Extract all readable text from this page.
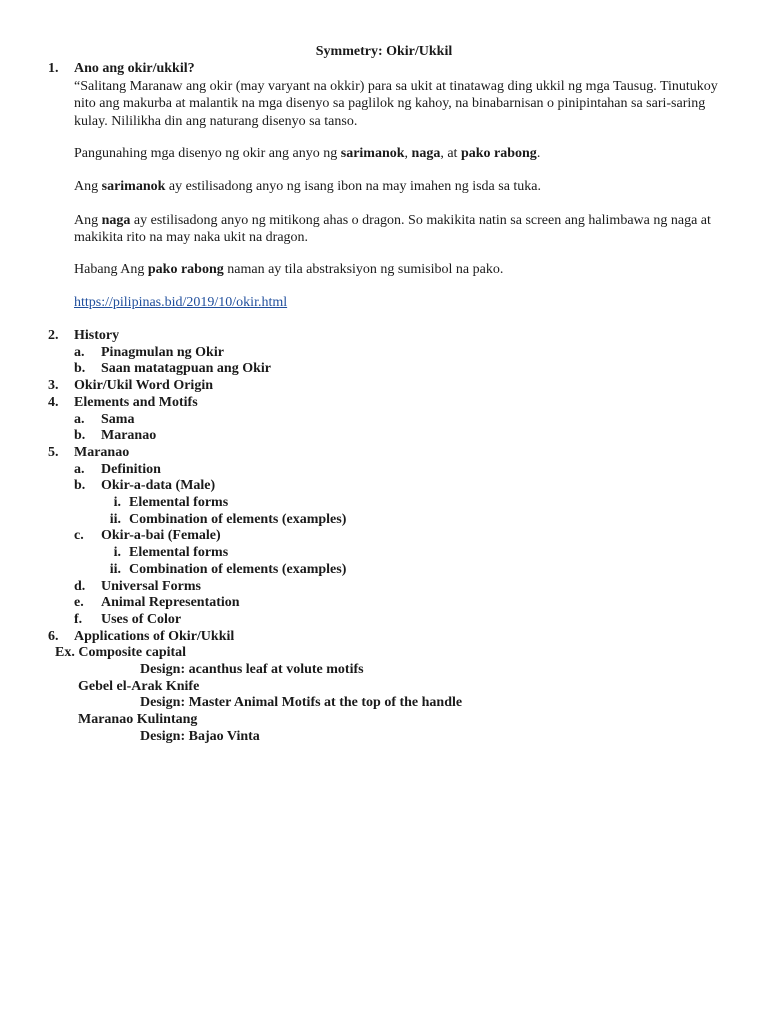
Symmetry: Okir/Ukkil
1. Ano ang okir/ukkil?
“Salitang Maranaw ang okir (may varyant na okkir) para sa ukit at tinatawag ding ukkil ng mga Tausug. Tinutukoy nito ang makurba at malantik na mga disenyo sa paglilok ng kahoy, na binabarnisan o pinipintahan sa sari-saring kulay. Nililikha din ang naturang disenyo sa tanso.
Pangunahing mga disenyo ng okir ang anyo ng sarimanok, naga, at pako rabong.
Ang sarimanok ay estilisadong anyo ng isang ibon na may imahen ng isda sa tuka.
Ang naga ay estilisadong anyo ng mitikong ahas o dragon. So makikita natin sa screen ang halimbawa ng naga at makikita rito na may naka ukit na dragon.
Habang Ang pako rabong naman ay tila abstraksiyon ng sumisibol na pako.
https://pilipinas.bid/2019/10/okir.html
2. History
a. Pinagmulan ng Okir
b. Saan matatagpuan ang Okir
3. Okir/Ukil Word Origin
4. Elements and Motifs
a. Sama
b. Maranao
5. Maranao
a. Definition
b. Okir-a-data (Male)
i. Elemental forms
ii. Combination of elements (examples)
c. Okir-a-bai (Female)
i. Elemental forms
ii. Combination of elements (examples)
d. Universal Forms
e. Animal Representation
f. Uses of Color
6. Applications of Okir/Ukkil
Ex. Composite capital
Design: acanthus leaf at volute motifs
Gebel el-Arak Knife
Design: Master Animal Motifs at the top of the handle
Maranao Kulintang
Design: Bajao Vinta
